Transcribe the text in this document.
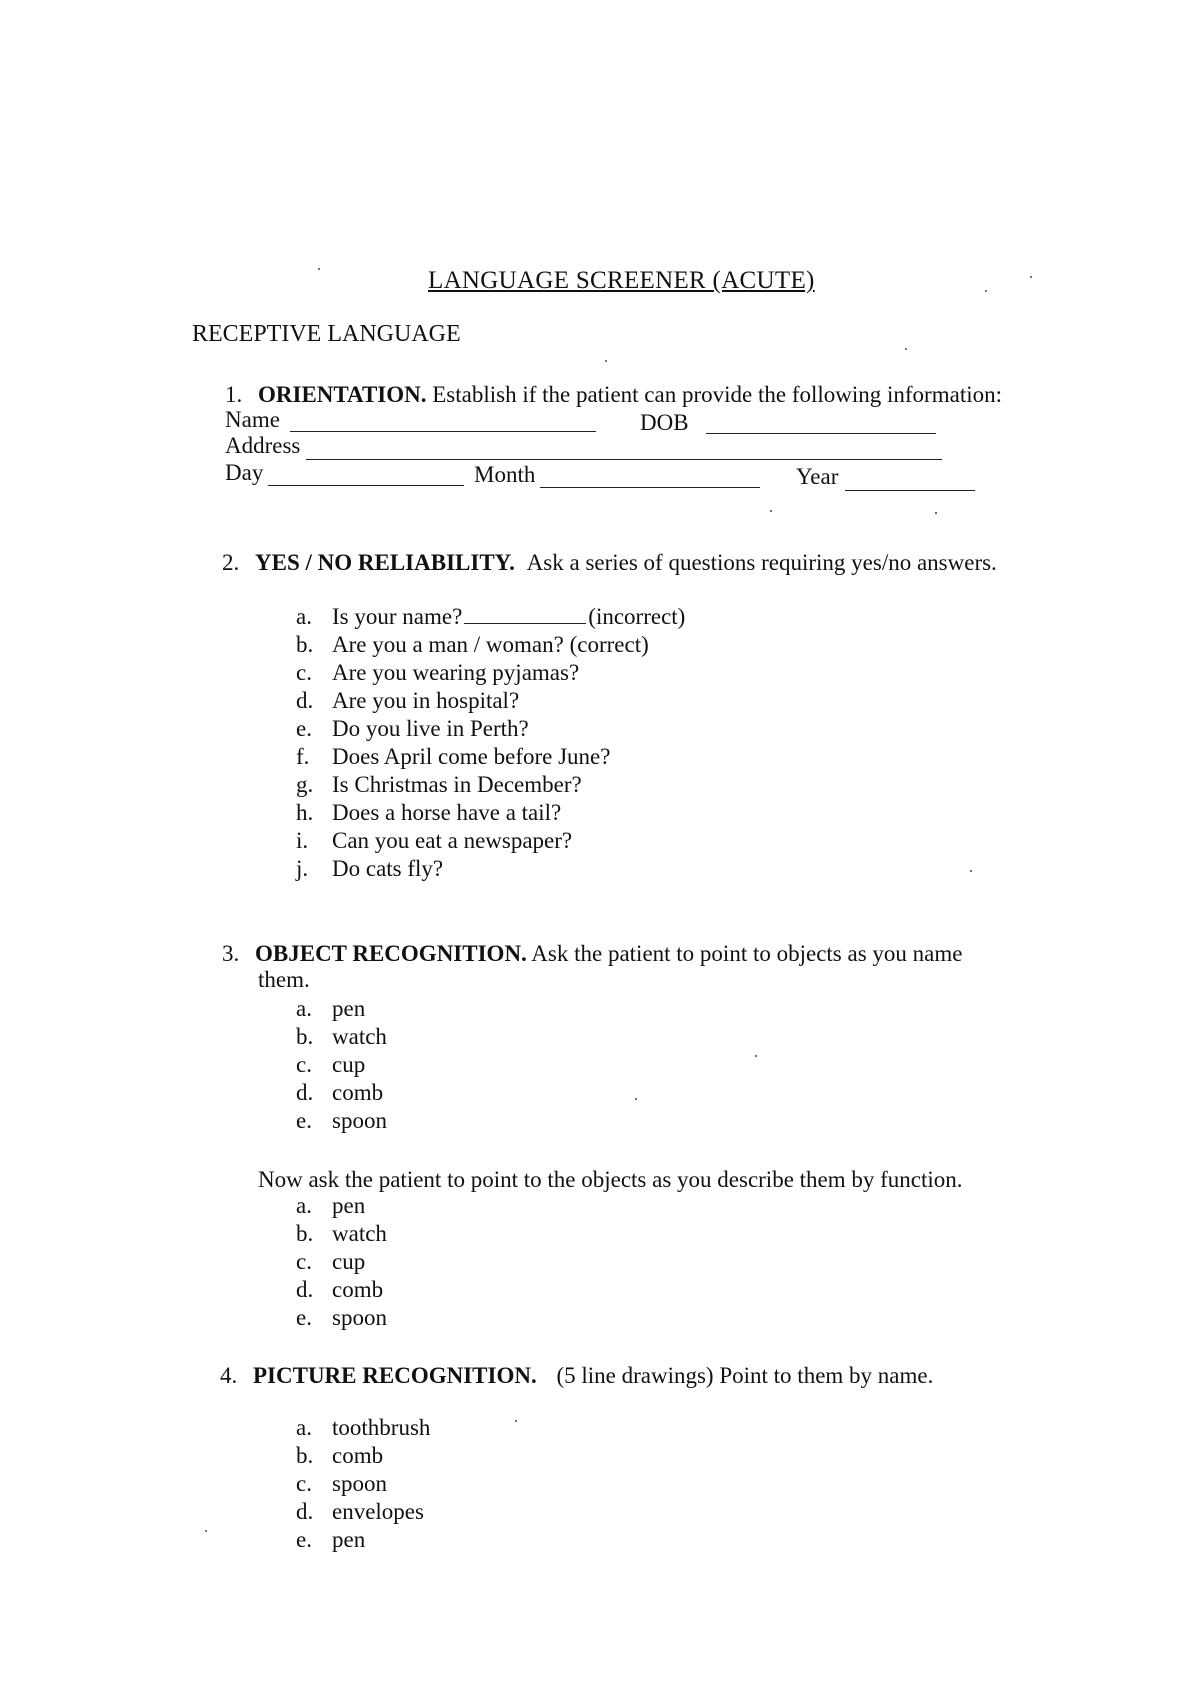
LANGUAGE SCREENER (ACUTE)
RECEPTIVE LANGUAGE
1. ORIENTATION. Establish if the patient can provide the following information:
Name	DOB
Address
Day	Month	Year
2. YES / NO RELIABILITY. Ask a series of questions requiring yes/no answers.
a. Is your name?	(incorrect)
b. Are you a man / woman? (correct)
c. Are you wearing pyjamas?
d. Are you in hospital?
e. Do you live in Perth?
f. Does April come before June?
g. Is Christmas in December?
h. Does a horse have a tail?
i. Can you eat a newspaper?
j. Do cats fly?
3. OBJECT RECOGNITION. Ask the patient to point to objects as you name
them.
a. pen
b. watch
c. cup
d. comb
e. spoon
Now ask the patient to point to the objects as you describe them by function.
a. pen
b. watch
c. cup
d. comb
e. spoon
4. PICTURE RECOGNITION. (5 line drawings) Point to them by name.
a. toothbrush
b. comb
c. spoon
d. envelopes
e. pen
